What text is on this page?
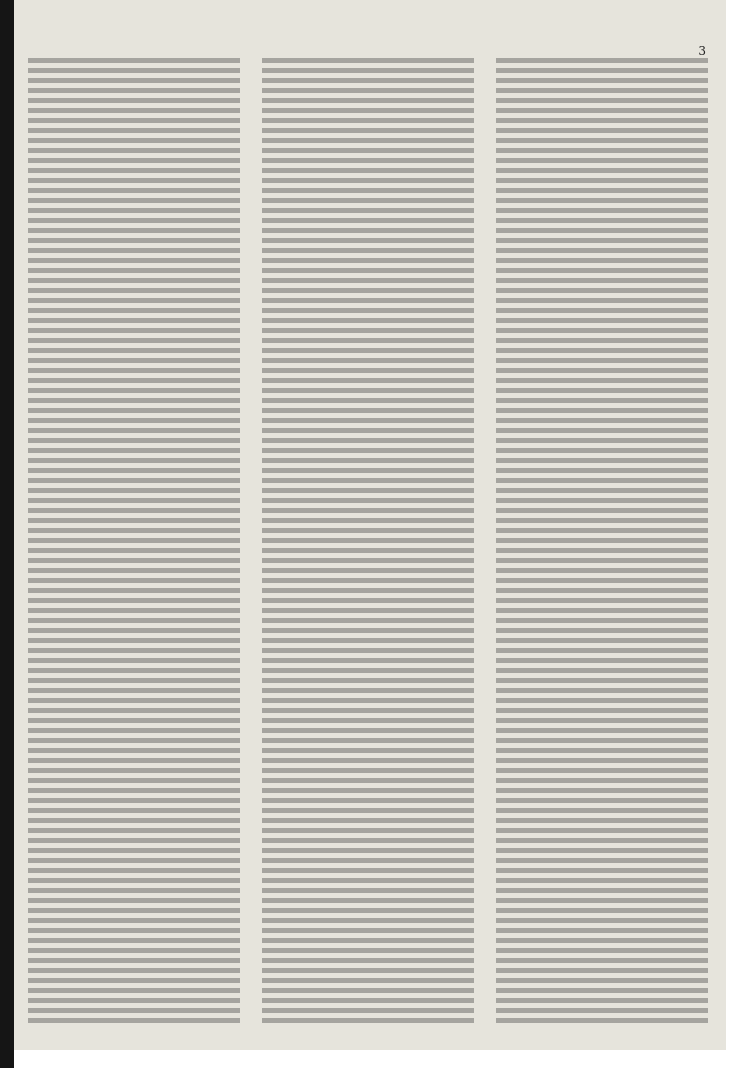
3
